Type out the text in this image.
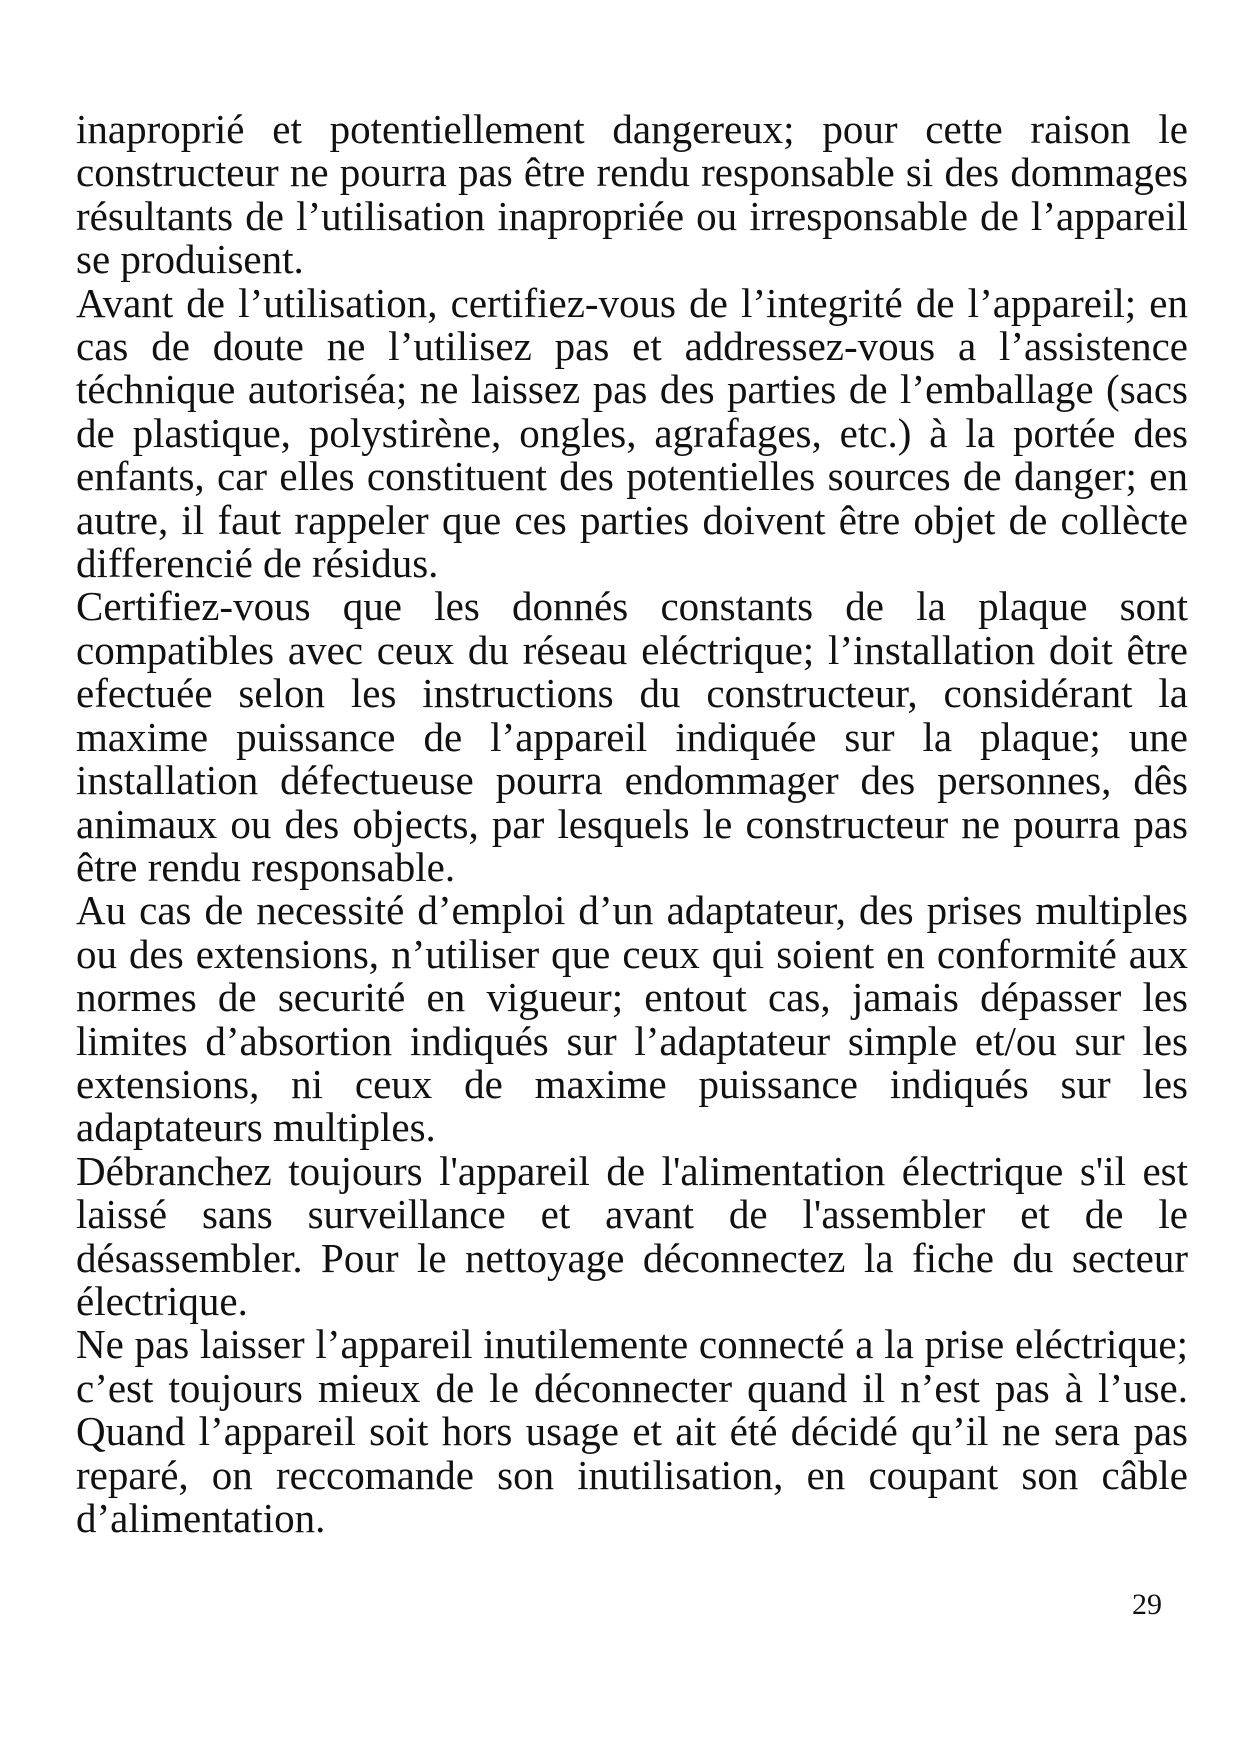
inaproprié et potentiellement dangereux; pour cette raison le constructeur ne pourra pas être rendu responsable si des dommages résultants de l’utilisation inapropriée ou irresponsable de l’appareil se produisent.

Avant de l’utilisation, certifiez-vous de l’integrité de l’appareil; en cas de doute ne l’utilisez pas et addressez-vous a l’assistence téchnique autoriséa; ne laissez pas des parties de l’emballage (sacs de plastique, polystirène, ongles, agrafages, etc.) à la portée des enfants, car elles constituent des potentielles sources de danger; en autre, il faut rappeler que ces parties doivent être objet de collècte differencié de résidus.

Certifiez-vous que les donnés constants de la plaque sont compatibles avec ceux du réseau eléctrique; l’installation doit être efectuée selon les instructions du constructeur, considérant la maxime puissance de l’appareil indiquée sur la plaque; une installation défectueuse pourra endommager des personnes, dês animaux ou des objects, par lesquels le constructeur ne pourra pas être rendu responsable.

Au cas de necessité d’emploi d’un adaptateur, des prises multiples ou des extensions, n’utiliser que ceux qui soient en conformité aux normes de securité en vigueur; entout cas, jamais dépasser les limites d’absortion indiqués sur l’adaptateur simple et/ou sur les extensions, ni ceux de maxime puissance indiqués sur les adaptateurs multiples.

Débranchez toujours l'appareil de l'alimentation électrique s'il est laissé sans surveillance et avant de l'assembler et de le désassembler. Pour le nettoyage déconnectez la fiche du secteur électrique.

Ne pas laisser l’appareil inutilemente connecté a la prise eléctrique; c’est toujours mieux de le déconnecter quand il n’est pas à l’use. Quand l’appareil soit hors usage et ait été décidé qu’il ne sera pas reparé, on reccomande son inutilisation, en coupant son câble d’alimentation.

29
